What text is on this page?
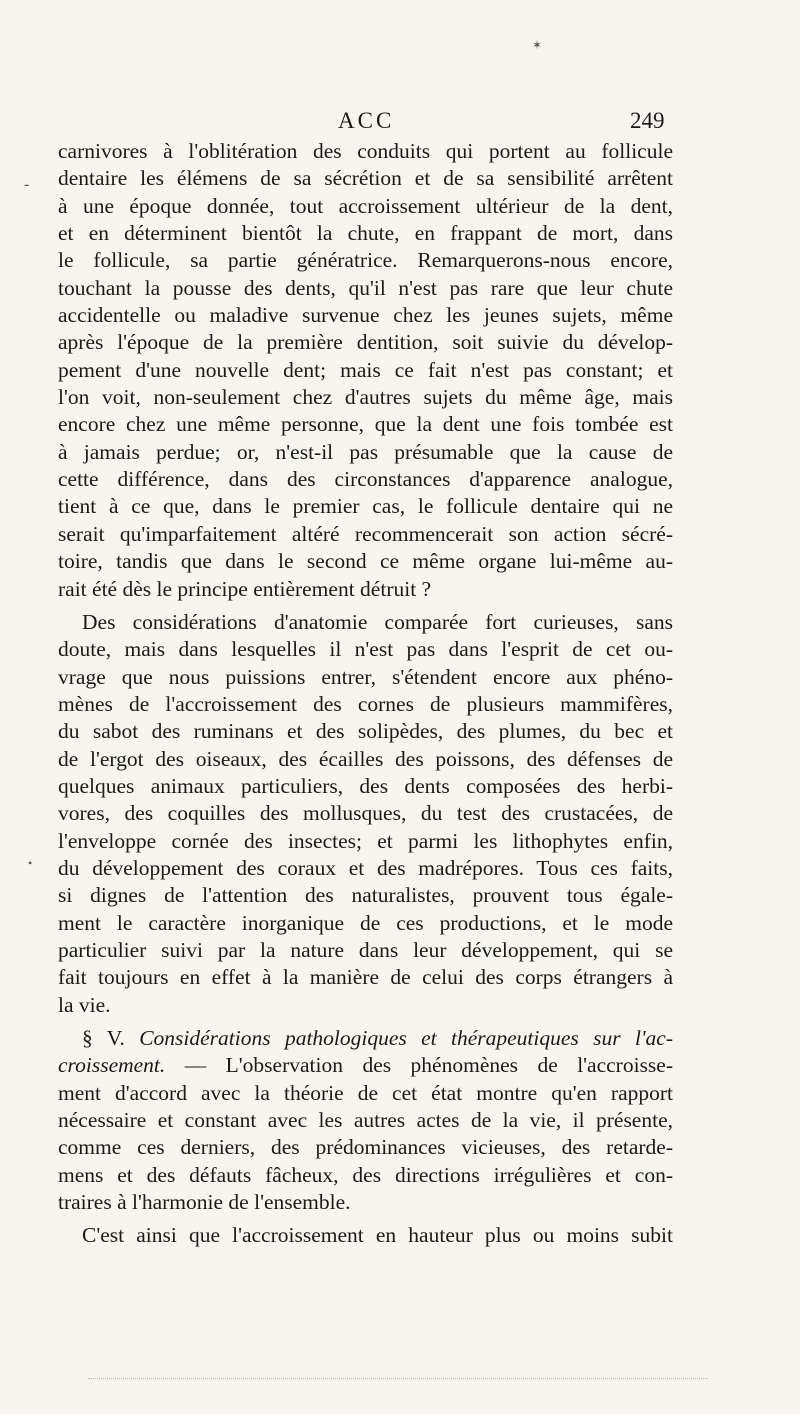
ACC	249
carnivores à l'oblitération des conduits qui portent au follicule
dentaire les élémens de sa sécrétion et de sa sensibilité arrêtent
à une époque donnée, tout accroissement ultérieur de la dent,
et en déterminent bientôt la chute, en frappant de mort, dans
le follicule, sa partie génératrice. Remarquerons-nous encore,
touchant la pousse des dents, qu'il n'est pas rare que leur chute
accidentelle ou maladive survenue chez les jeunes sujets, même
après l'époque de la première dentition, soit suivie du dévelop-
pement d'une nouvelle dent; mais ce fait n'est pas constant; et
l'on voit, non-seulement chez d'autres sujets du même âge, mais
encore chez une même personne, que la dent une fois tombée est
à jamais perdue; or, n'est-il pas présumable que la cause de
cette différence, dans des circonstances d'apparence analogue,
tient à ce que, dans le premier cas, le follicule dentaire qui ne
serait qu'imparfaitement altéré recommencerait son action sécré-
toire, tandis que dans le second ce même organe lui-même au-
rait été dès le principe entièrement détruit ?
Des considérations d'anatomie comparée fort curieuses, sans
doute, mais dans lesquelles il n'est pas dans l'esprit de cet ou-
vrage que nous puissions entrer, s'étendent encore aux phéno-
mènes de l'accroissement des cornes de plusieurs mammifères,
du sabot des ruminans et des solipèdes, des plumes, du bec et
de l'ergot des oiseaux, des écailles des poissons, des défenses de
quelques animaux particuliers, des dents composées des herbi-
vores, des coquilles des mollusques, du test des crustacées, de
l'enveloppe cornée des insectes; et parmi les lithophytes enfin,
du développement des coraux et des madrépores. Tous ces faits,
si dignes de l'attention des naturalistes, prouvent tous égale-
ment le caractère inorganique de ces productions, et le mode
particulier suivi par la nature dans leur développement, qui se
fait toujours en effet à la manière de celui des corps étrangers à
la vie.
§ V. Considérations pathologiques et thérapeutiques sur l'ac-
croissement. — L'observation des phénomènes de l'accroisse-
ment d'accord avec la théorie de cet état montre qu'en rapport
nécessaire et constant avec les autres actes de la vie, il présente,
comme ces derniers, des prédominances vicieuses, des retarde-
mens et des défauts fâcheux, des directions irrégulières et con-
traires à l'harmonie de l'ensemble.
C'est ainsi que l'accroissement en hauteur plus ou moins subit
-
✶
•
